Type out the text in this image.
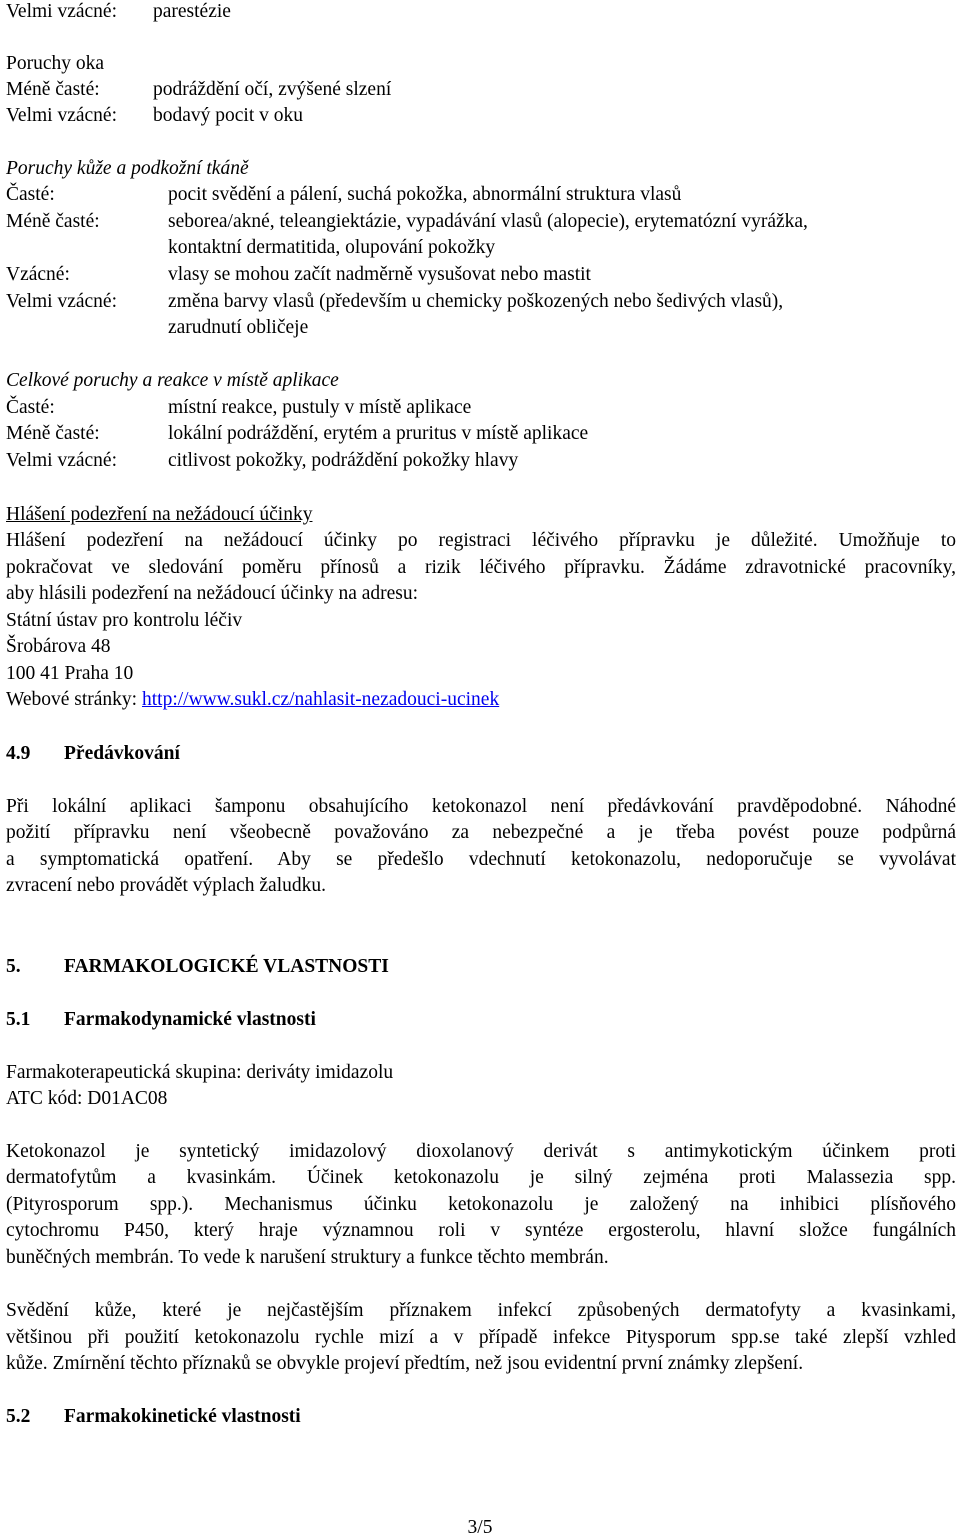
Velmi vzácné: parestézie
Poruchy oka
Méně časté:	podráždění očí, zvýšené slzení
Velmi vzácné: bodavý pocit v oku
Poruchy kůže a podkožní tkáně
Časté:	pocit svědění a pálení, suchá pokožka, abnormální struktura vlasů
Méně časté:	seborea/akné, teleangiektázie, vypadávání vlasů (alopecie), erytematózní vyrážka,
kontaktní dermatitida, olupování pokožky
Vzácné:	vlasy se mohou začít nadměrně vysušovat nebo mastit
Velmi vzácné:	změna barvy vlasů (především u chemicky poškozených nebo šedivých vlasů),
zarudnutí obličeje
Celkové poruchy a reakce v místě aplikace
Časté:	místní reakce, pustuly v místě aplikace
Méně časté:	lokální podráždění, erytém a pruritus v místě aplikace
Velmi vzácné:	citlivost pokožky, podráždění pokožky hlavy
Hlášení podezření na nežádoucí účinky
Hlášení podezření na nežádoucí účinky po registraci léčivého přípravku je důležité. Umožňuje to
pokračovat ve sledování poměru přínosů a rizik léčivého přípravku. Žádáme zdravotnické pracovníky,
aby hlásili podezření na nežádoucí účinky na adresu:
Státní ústav pro kontrolu léčiv
Šrobárova 48
100 41 Praha 10
Webové stránky: http://www.sukl.cz/nahlasit-nezadouci-ucinek
4.9 Předávkování
Při lokální aplikaci šamponu obsahujícího ketokonazol není předávkování pravděpodobné. Náhodné
požití přípravku není všeobecně považováno za nebezpečné a je třeba povést pouze podpůrná
a symptomatická opatření. Aby se předešlo vdechnutí ketokonazolu, nedoporučuje se vyvolávat
zvracení nebo provádět výplach žaludku.
5. FARMAKOLOGICKÉ VLASTNOSTI
5.1 Farmakodynamické vlastnosti
Farmakoterapeutická skupina: deriváty imidazolu
ATC kód: D01AC08
Ketokonazol je syntetický imidazolový dioxolanový derivát s antimykotickým účinkem proti
dermatofytům a kvasinkám. Účinek ketokonazolu je silný zejména proti Malassezia spp.
(Pityrosporum spp.). Mechanismus účinku ketokonazolu je založený na inhibici plísňového
cytochromu P450, který hraje významnou roli v syntéze ergosterolu, hlavní složce fungálních
buněčných membrán. To vede k narušení struktury a funkce těchto membrán.
Svědění kůže, které je nejčastějším příznakem infekcí způsobených dermatofyty a kvasinkami,
většinou při použití ketokonazolu rychle mizí a v případě infekce Pitysporum spp.se také zlepší vzhled
kůže. Zmírnění těchto příznaků se obvykle projeví předtím, než jsou evidentní první známky zlepšení.
5.2 Farmakokinetické vlastnosti
3/5
